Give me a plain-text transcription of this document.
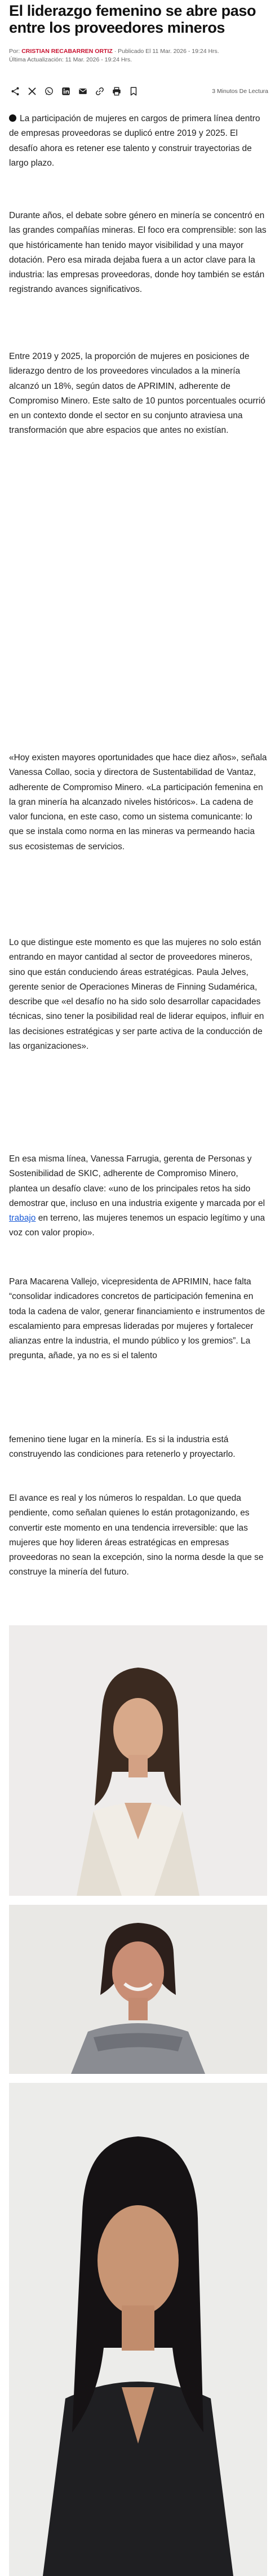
El liderazgo femenino se abre paso entre los proveedores mineros
Por: CRISTIAN RECABARREN ORTIZ · Publicado El 11 Mar. 2026 - 19:24 Hrs.
Última Actualización: 11 Mar. 2026 - 19:24 Hrs.
3 Minutos De Lectura

La participación de mujeres en cargos de primera línea dentro de empresas proveedoras se duplicó entre 2019 y 2025. El desafío ahora es retener ese talento y construir trayectorias de largo plazo.

Durante años, el debate sobre género en minería se concentró en las grandes compañías mineras. El foco era comprensible: son las que históricamente han tenido mayor visibilidad y una mayor dotación. Pero esa mirada dejaba fuera a un actor clave para la industria: las empresas proveedoras, donde hoy también se están registrando avances significativos.

Entre 2019 y 2025, la proporción de mujeres en posiciones de liderazgo dentro de los proveedores vinculados a la minería alcanzó un 18%, según datos de APRIMIN, adherente de Compromiso Minero. Este salto de 10 puntos porcentuales ocurrió en un contexto donde el sector en su conjunto atraviesa una transformación que abre espacios que antes no existían.

«Hoy existen mayores oportunidades que hace diez años», señala Vanessa Collao, socia y directora de Sustentabilidad de Vantaz, adherente de Compromiso Minero. «La participación femenina en la gran minería ha alcanzado niveles históricos». La cadena de valor funciona, en este caso, como un sistema comunicante: lo que se instala como norma en las mineras va permeando hacia sus ecosistemas de servicios.

Lo que distingue este momento es que las mujeres no solo están entrando en mayor cantidad al sector de proveedores mineros, sino que están conduciendo áreas estratégicas. Paula Jelves, gerente senior de Operaciones Mineras de Finning Sudamérica, describe que «el desafío no ha sido solo desarrollar capacidades técnicas, sino tener la posibilidad real de liderar equipos, influir en las decisiones estratégicas y ser parte activa de la conducción de las organizaciones».

En esa misma línea, Vanessa Farrugia, gerenta de Personas y Sostenibilidad de SKIC, adherente de Compromiso Minero, plantea un desafío clave: «uno de los principales retos ha sido demostrar que, incluso en una industria exigente y marcada por el trabajo en terreno, las mujeres tenemos un espacio legítimo y una voz con valor propio».

Para Macarena Vallejo, vicepresidenta de APRIMIN, hace falta “consolidar indicadores concretos de participación femenina en toda la cadena de valor, generar financiamiento e instrumentos de escalamiento para empresas lideradas por mujeres y fortalecer alianzas entre la industria, el mundo público y los gremios”. La pregunta, añade, ya no es si el talento

femenino tiene lugar en la minería. Es si la industria está construyendo las condiciones para retenerlo y proyectarlo.

El avance es real y los números lo respaldan. Lo que queda pendiente, como señalan quienes lo están protagonizando, es convertir este momento en una tendencia irreversible: que las mujeres que hoy lideren áreas estratégicas en empresas proveedoras no sean la excepción, sino la norma desde la que se construye la minería del futuro.
